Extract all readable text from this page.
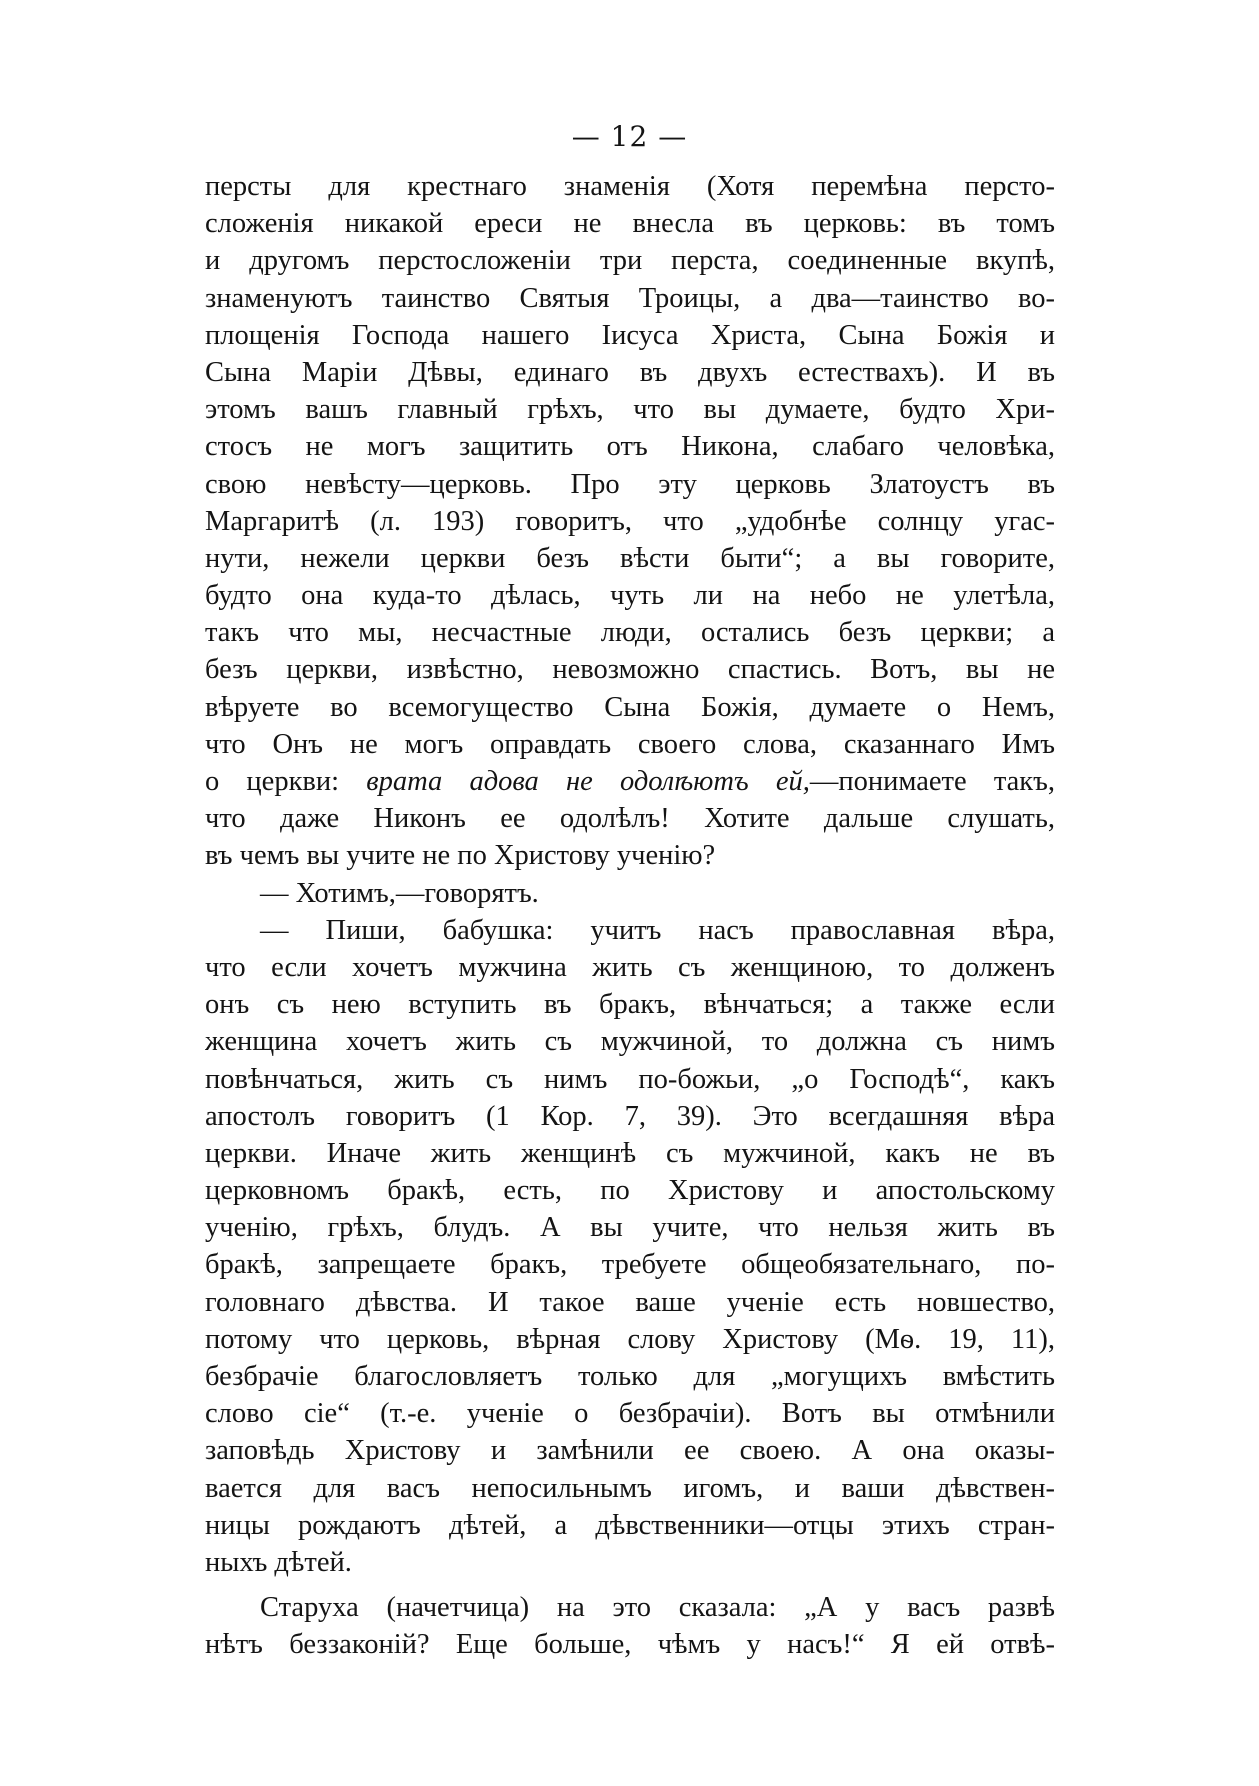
— 12 —
персты для крестнаго знаменія (Хотя перемѣна персто-
сложенія никакой ереси не внесла въ церковь: въ томъ
и другомъ перстосложеніи три перста, соединенные вкупѣ,
знаменуютъ таинство Святыя Троицы, а два—таинство во-
площенія Господа нашего Іисуса Христа, Сына Божія и
Сына Маріи Дѣвы, единаго въ двухъ естествахъ). И въ
этомъ вашъ главный грѣхъ, что вы думаете, будто Хри-
стосъ не могъ защитить отъ Никона, слабаго человѣка,
свою невѣсту—церковь. Про эту церковь Златоустъ въ
Маргаритѣ (л. 193) говоритъ, что „удобнѣе солнцу угас-
нути, нежели церкви безъ вѣсти быти“; а вы говорите,
будто она куда-то дѣлась, чуть ли на небо не улетѣла,
такъ что мы, несчастные люди, остались безъ церкви; а
безъ церкви, извѣстно, невозможно спастись. Вотъ, вы не
вѣруете во всемогущество Сына Божія, думаете о Немъ,
что Онъ не могъ оправдать своего слова, сказаннаго Имъ
о церкви: врата адова не одолѣютъ ей,—понимаете такъ,
что даже Никонъ ее одолѣлъ! Хотите дальше слушать,
въ чемъ вы учите не по Христову ученію?
— Хотимъ,—говорятъ.
— Пиши, бабушка: учитъ насъ православная вѣра,
что если хочетъ мужчина жить съ женщиною, то долженъ
онъ съ нею вступить въ бракъ, вѣнчаться; а также если
женщина хочетъ жить съ мужчиной, то должна съ нимъ
повѣнчаться, жить съ нимъ по-божьи, „о Господѣ“, какъ
апостолъ говоритъ (1 Кор. 7, 39). Это всегдашняя вѣра
церкви. Иначе жить женщинѣ съ мужчиной, какъ не въ
церковномъ бракѣ, есть, по Христову и апостольскому
ученію, грѣхъ, блудъ. А вы учите, что нельзя жить въ
бракѣ, запрещаете бракъ, требуете общеобязательнаго, по-
головнаго дѣвства. И такое ваше ученіе есть новшество,
потому что церковь, вѣрная слову Христову (Мѳ. 19, 11),
безбрачіе благословляетъ только для „могущихъ вмѣстить
слово сіе“ (т.-е. ученіе о безбрачіи). Вотъ вы отмѣнили
заповѣдь Христову и замѣнили ее своею. А она оказы-
вается для васъ непосильнымъ игомъ, и ваши дѣвствен-
ницы рождаютъ дѣтей, а дѣвственники—отцы этихъ стран-
ныхъ дѣтей.
Старуха (начетчица) на это сказала: „А у васъ развѣ
нѣтъ беззаконій? Еще больше, чѣмъ у насъ!“ Я ей отвѣ-
